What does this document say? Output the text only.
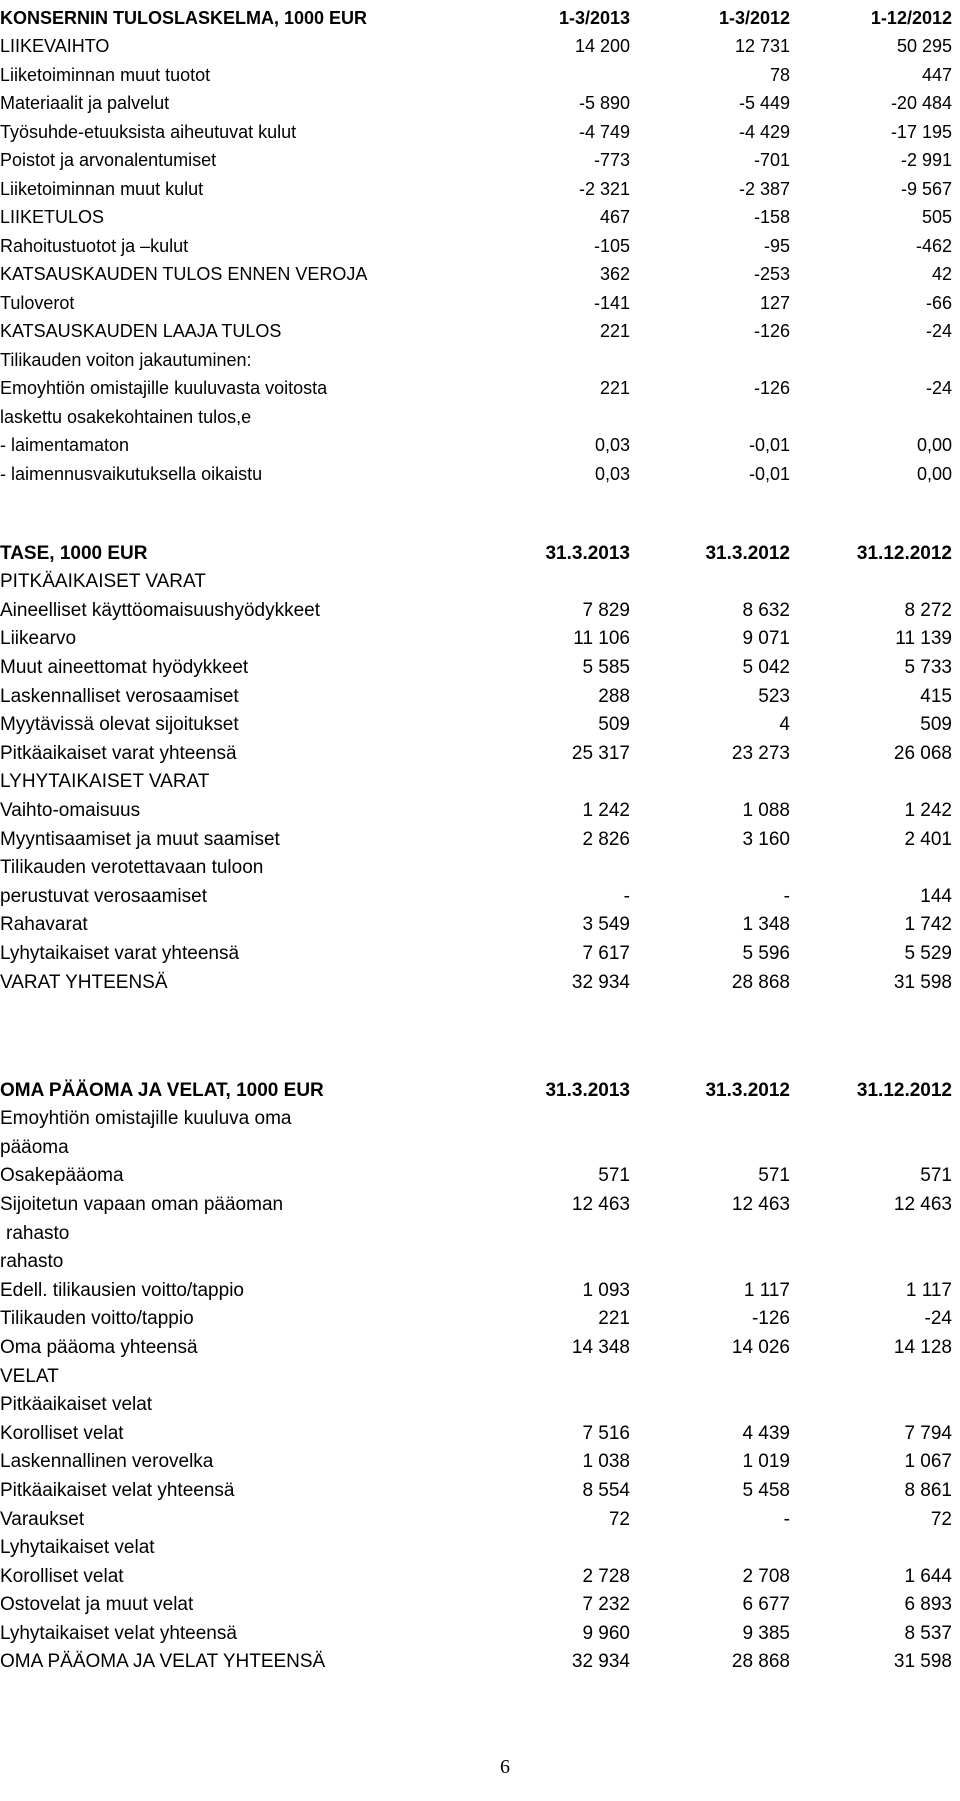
KONSERNIN TULOSLASKELMA, 1000 EUR	1-3/2013	1-3/2012	1-12/2012
LIIKEVAIHTO	14 200	12 731	50 295
Liiketoiminnan muut tuotot		78	447
Materiaalit ja palvelut	-5 890	-5 449	-20 484
Työsuhde-etuuksista aiheutuvat kulut	-4 749	-4 429	-17 195
Poistot ja arvonalentumiset	-773	-701	-2 991
Liiketoiminnan muut kulut	-2 321	-2 387	-9 567
LIIKETULOS	467	-158	505
Rahoitustuotot ja –kulut	-105	-95	-462
KATSAUSKAUDEN TULOS ENNEN VEROJA	362	-253	42
Tuloverot	-141	127	-66
KATSAUSKAUDEN LAAJA TULOS	221	-126	-24
Tilikauden voiton jakautuminen:			
Emoyhtiön omistajille kuuluvasta voitosta	221	-126	-24
laskettu osakekohtainen tulos,e			
- laimentamaton	0,03	-0,01	0,00
- laimennusvaikutuksella oikaistu	0,03	-0,01	0,00
TASE, 1000 EUR	31.3.2013	31.3.2012	31.12.2012
PITKÄAIKAISET VARAT			
Aineelliset käyttöomaisuushyödykkeet	7 829	8 632	8 272
Liikearvo	11 106	9 071	11 139
Muut aineettomat hyödykkeet	5 585	5 042	5 733
Laskennalliset verosaamiset	288	523	415
Myytävissä olevat sijoitukset	509	4	509
Pitkäaikaiset varat yhteensä	25 317	23 273	26 068
LYHYTAIKAISET VARAT			
Vaihto-omaisuus	1 242	1 088	1 242
Myyntisaamiset ja muut saamiset	2 826	3 160	2 401
Tilikauden verotettavaan tuloon			
perustuvat verosaamiset	-	-	144
Rahavarat	3 549	1 348	1 742
Lyhytaikaiset varat yhteensä	7 617	5 596	5 529
VARAT YHTEENSÄ	32 934	28 868	31 598
OMA PÄÄOMA JA VELAT, 1000 EUR	31.3.2013	31.3.2012	31.12.2012
Emoyhtiön omistajille kuuluva oma			
pääoma			
Osakepääoma	571	571	571
Sijoitetun vapaan oman pääoman	12 463	12 463	12 463
rahasto			
rahasto			
Edell. tilikausien voitto/tappio	1 093	1 117	1 117
Tilikauden voitto/tappio	221	-126	-24
Oma pääoma yhteensä	14 348	14 026	14 128
VELAT			
Pitkäaikaiset velat			
Korolliset velat	7 516	4 439	7 794
Laskennallinen verovelka	1 038	1 019	1 067
Pitkäaikaiset velat yhteensä	8 554	5 458	8 861
Varaukset	72	-	72
Lyhytaikaiset velat			
Korolliset velat	2 728	2 708	1 644
Ostovelat ja muut velat	7 232	6 677	6 893
Lyhytaikaiset velat yhteensä	9 960	9 385	8 537
OMA PÄÄOMA JA VELAT YHTEENSÄ	32 934	28 868	31 598
6
